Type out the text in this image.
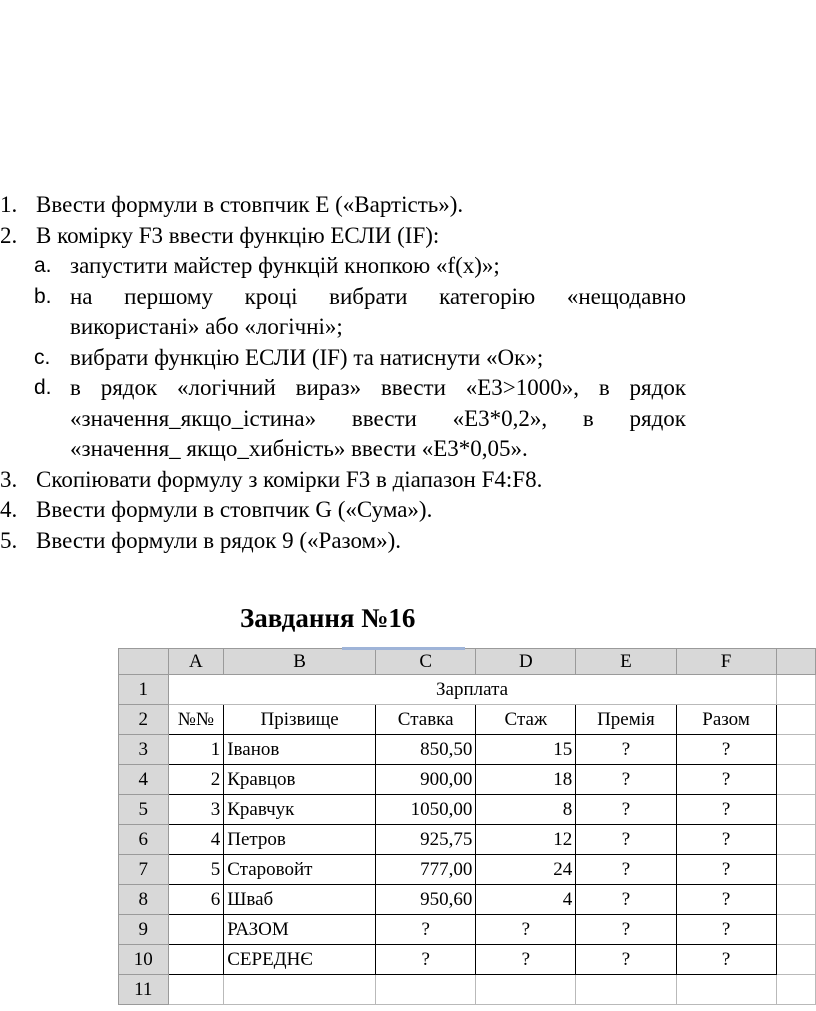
1. Ввести формули в стовпчик Е («Вартість»).
2. В комірку F3 ввести функцію ЕСЛИ (IF):
a. запустити майстер функцій кнопкою «f(x)»;
b. на першому кроці вибрати категорію «нещодавно
використані» або «логічні»;
c. вибрати функцію ЕСЛИ (IF) та натиснути «Ок»;
d. в рядок «логічний вираз» ввести «Е3>1000», в рядок
«значення_якщо_істина» ввести «Е3*0,2», в рядок
«значення_ якщо_хибність» ввести «Е3*0,05».
3. Скопіювати формулу з комірки F3 в діапазон F4:F8.
4. Ввести формули в стовпчик G («Сума»).
5. Ввести формули в рядок 9 («Разом»).
Завдання №16
	A	B	C	D	E	F	
1	Зарплата						
2	№№	Прізвище	Ставка	Стаж	Премія	Разом	
3	1	Іванов	850,50	15	?	?	
4	2	Кравцов	900,00	18	?	?	
5	3	Кравчук	1050,00	8	?	?	
6	4	Петров	925,75	12	?	?	
7	5	Старовойт	777,00	24	?	?	
8	6	Шваб	950,60	4	?	?	
9		РАЗОМ	?	?	?	?	
10		СЕРЕДНЄ	?	?	?	?	
11							
